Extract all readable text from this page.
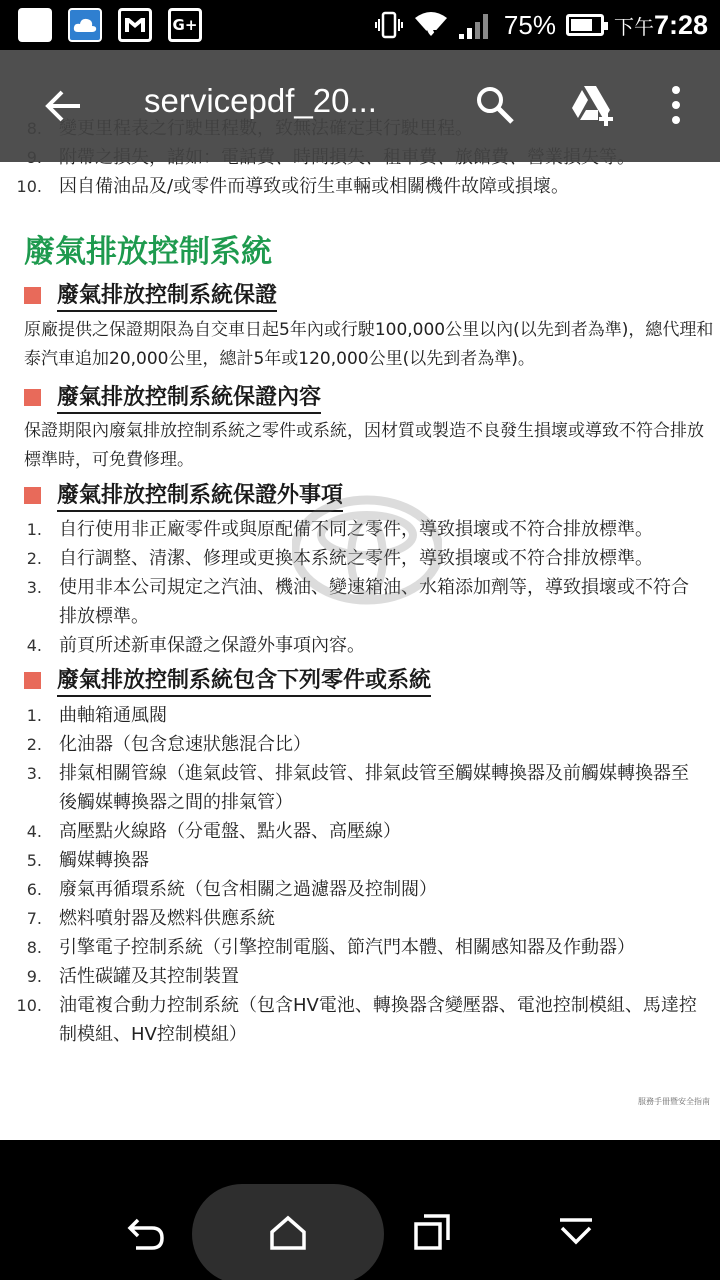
G+	75%	下午7:28
10. 因自備油品及/或零件而導致或衍生車輛或相關機件故障或損壞。
廢氣排放控制系統
廢氣排放控制系統保證
原廠提供之保證期限為自交車日起5年內或行駛100,000公里以內(以先到者為準)，總代理和泰汽車追加20,000公里，總計5年或120,000公里(以先到者為準)。
廢氣排放控制系統保證內容
保證期限內廢氣排放控制系統之零件或系統，因材質或製造不良發生損壞或導致不符合排放標準時，可免費修理。
廢氣排放控制系統保證外事項
1. 自行使用非正廠零件或與原配備不同之零件，導致損壞或不符合排放標準。
2. 自行調整、清潔、修理或更換本系統之零件，導致損壞或不符合排放標準。
3. 使用非本公司規定之汽油、機油、變速箱油、水箱添加劑等，導致損壞或不符合排放標準。
4. 前頁所述新車保證之保證外事項內容。
廢氣排放控制系統包含下列零件或系統
1. 曲軸箱通風閥
2. 化油器（包含怠速狀態混合比）
3. 排氣相關管線（進氣歧管、排氣歧管、排氣歧管至觸媒轉換器及前觸媒轉換器至後觸媒轉換器之間的排氣管）
4. 高壓點火線路（分電盤、點火器、高壓線）
5. 觸媒轉換器
6. 廢氣再循環系統（包含相關之過濾器及控制閥）
7. 燃料噴射器及燃料供應系統
8. 引擎電子控制系統（引擎控制電腦、節汽門本體、相關感知器及作動器）
9. 活性碳罐及其控制裝置
10. 油電複合動力控制系統（包含HV電池、轉換器含變壓器、電池控制模組、馬達控制模組、HV控制模組）
服務手冊暨安全指南
servicepdf_20...
